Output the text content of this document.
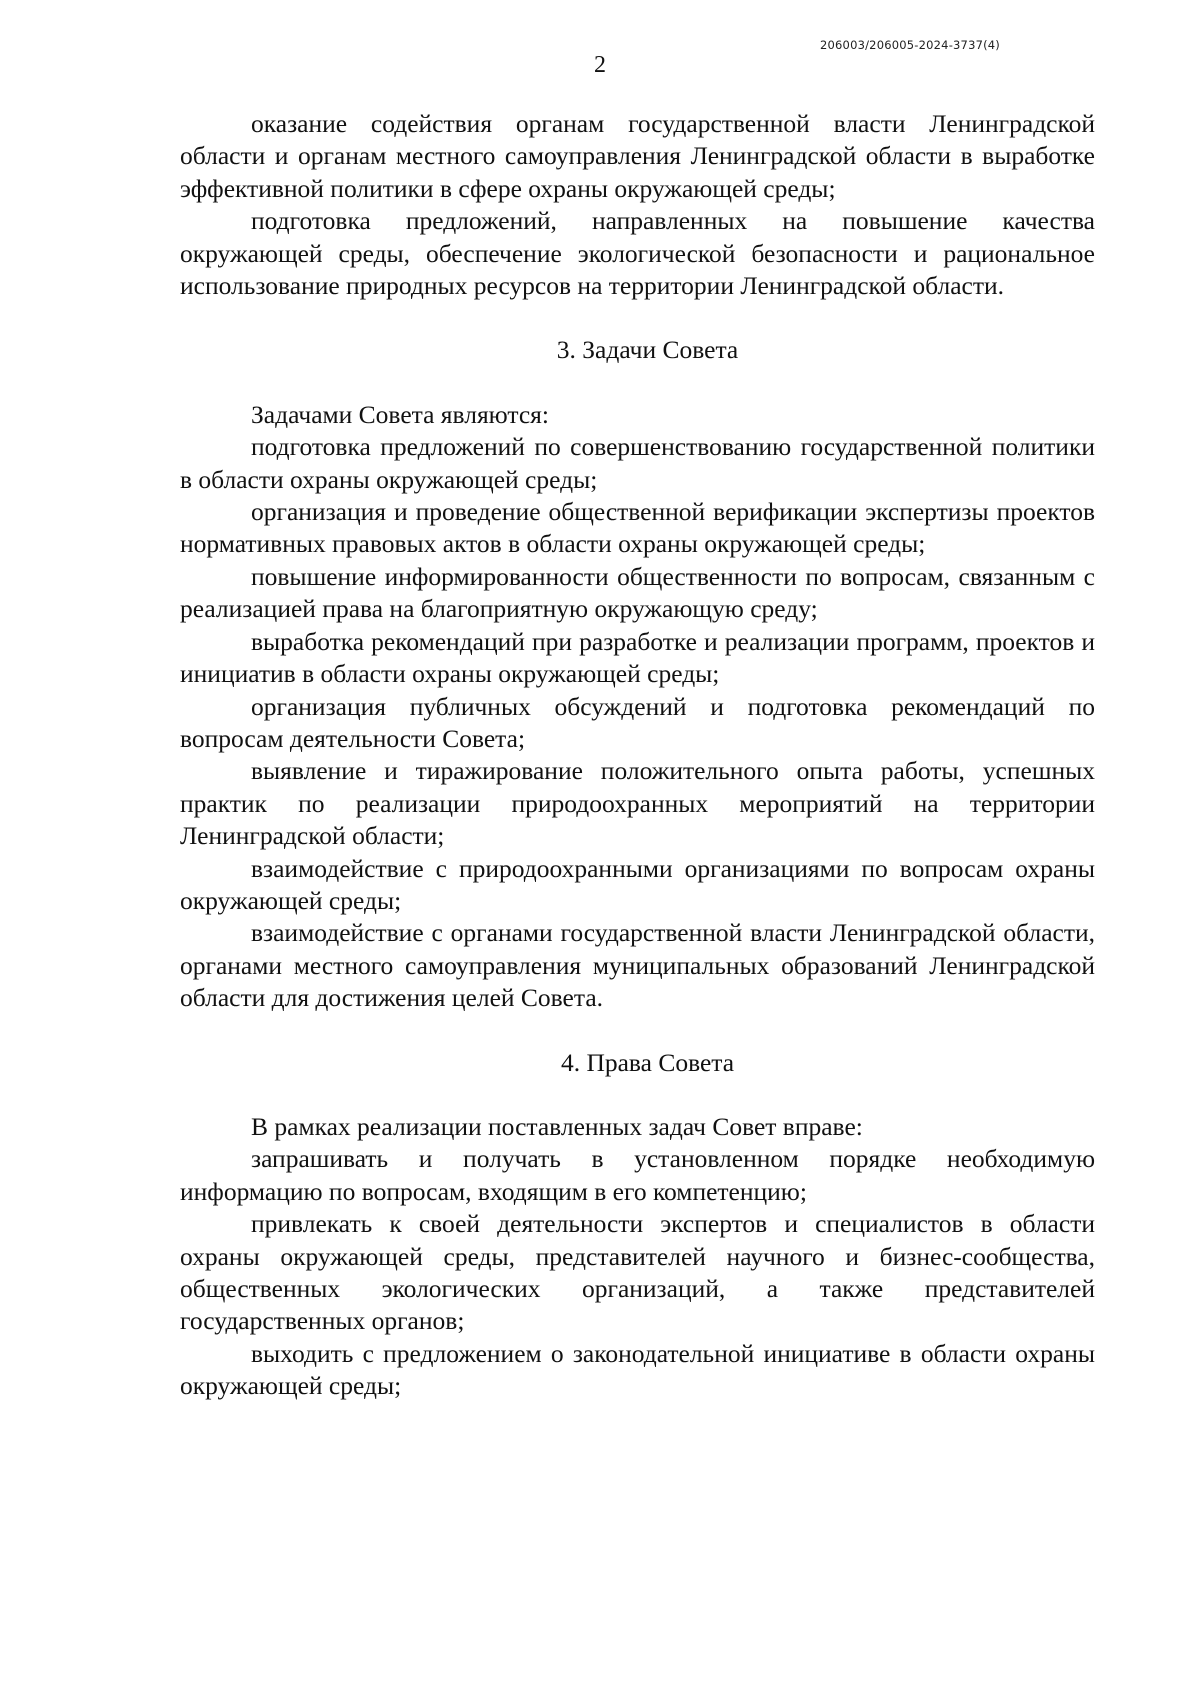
206003/206005-2024-3737(4)
2

оказание содействия органам государственной власти Ленинградской области и органам местного самоуправления Ленинградской области в выработке эффективной политики в сфере охраны окружающей среды;

подготовка предложений, направленных на повышение качества окружающей среды, обеспечение экологической безопасности и рациональное использование природных ресурсов на территории Ленинградской области.

3. Задачи Совета

Задачами Совета являются:

подготовка предложений по совершенствованию государственной политики в области охраны окружающей среды;

организация и проведение общественной верификации экспертизы проектов нормативных правовых актов в области охраны окружающей среды;

повышение информированности общественности по вопросам, связанным с реализацией права на благоприятную окружающую среду;

выработка рекомендаций при разработке и реализации программ, проектов и инициатив в области охраны окружающей среды;

организация публичных обсуждений и подготовка рекомендаций по вопросам деятельности Совета;

выявление и тиражирование положительного опыта работы, успешных практик по реализации природоохранных мероприятий на территории Ленинградской области;

взаимодействие с природоохранными организациями по вопросам охраны окружающей среды;

взаимодействие с органами государственной власти Ленинградской области, органами местного самоуправления муниципальных образований Ленинградской области для достижения целей Совета.

4. Права Совета

В рамках реализации поставленных задач Совет вправе:

запрашивать и получать в установленном порядке необходимую информацию по вопросам, входящим в его компетенцию;

привлекать к своей деятельности экспертов и специалистов в области охраны окружающей среды, представителей научного и бизнес-сообщества, общественных экологических организаций, а также представителей государственных органов;

выходить с предложением о законодательной инициативе в области охраны окружающей среды;
